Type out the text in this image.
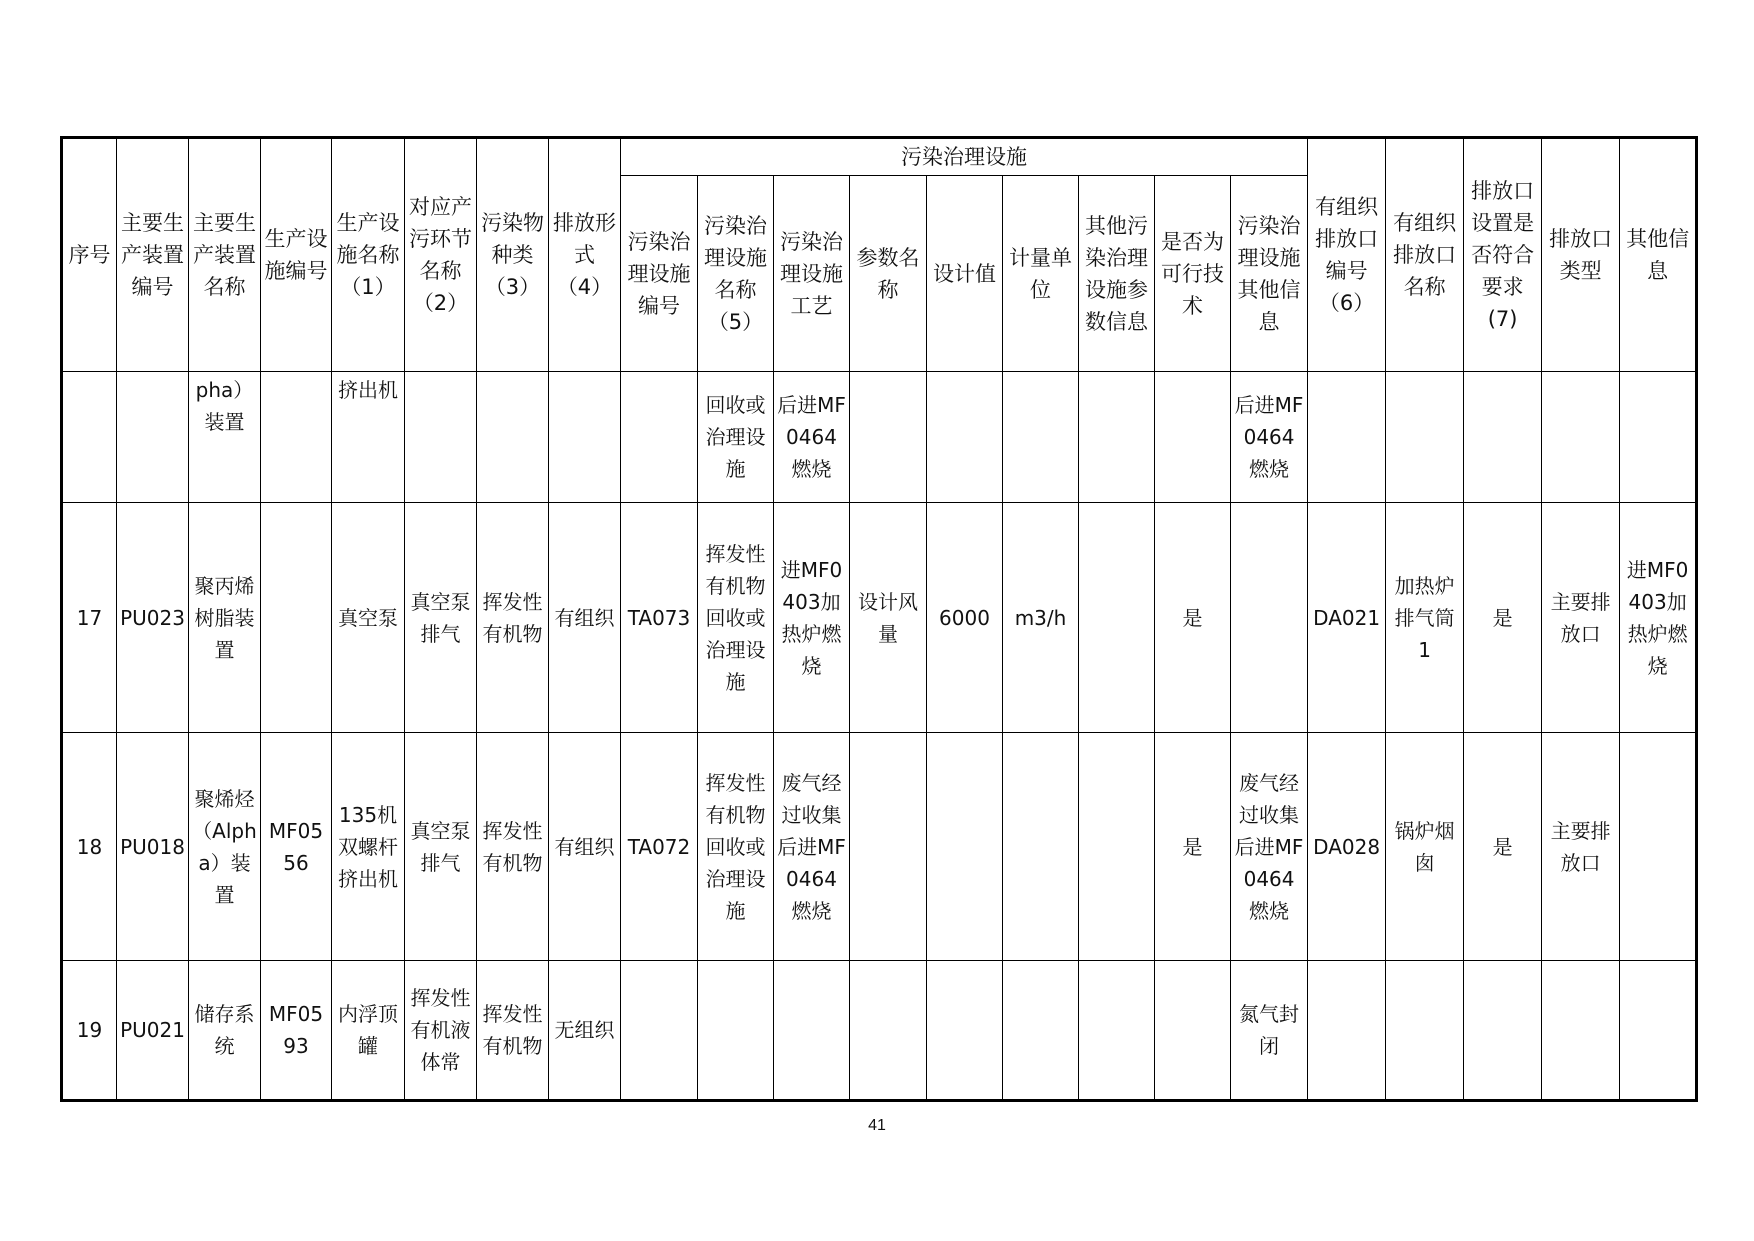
序号	主要生产装置编号	主要生产装置名称	生产设施编号	生产设施名称（1）	对应产污环节名称（2）	污染物种类（3）	排放形式（4）	污染治理设施									有组织排放口编号（6）	有组织排放口名称	排放口设置是否符合要求(7)	排放口类型	其他信息
								污染治理设施编号	污染治理设施名称（5）	污染治理设施工艺	参数名称	设计值	计量单位	其他污染治理设施参数信息	是否为可行技术	污染治理设施其他信息					
		pha）装置		挤出机					回收或治理设施	后进MF0464燃烧						后进MF0464燃烧					
17	PU023	聚丙烯树脂装置		真空泵	真空泵排气	挥发性有机物	有组织	TA073	挥发性有机物回收或治理设施	进MF0403加热炉燃烧	设计风量	6000	m3/h		是		DA021	加热炉排气筒1	是	主要排放口	进MF0403加热炉燃烧
18	PU018	聚烯烃（Alpha）装置	MF0556	135机双螺杆挤出机	真空泵排气	挥发性有机物	有组织	TA072	挥发性有机物回收或治理设施	废气经过收集后进MF0464燃烧					是	废气经过收集后进MF0464燃烧	DA028	锅炉烟囱	是	主要排放口	
19	PU021	储存系统	MF0593	内浮顶罐	挥发性有机液体常	挥发性有机物	无组织									氮气封闭					
41
